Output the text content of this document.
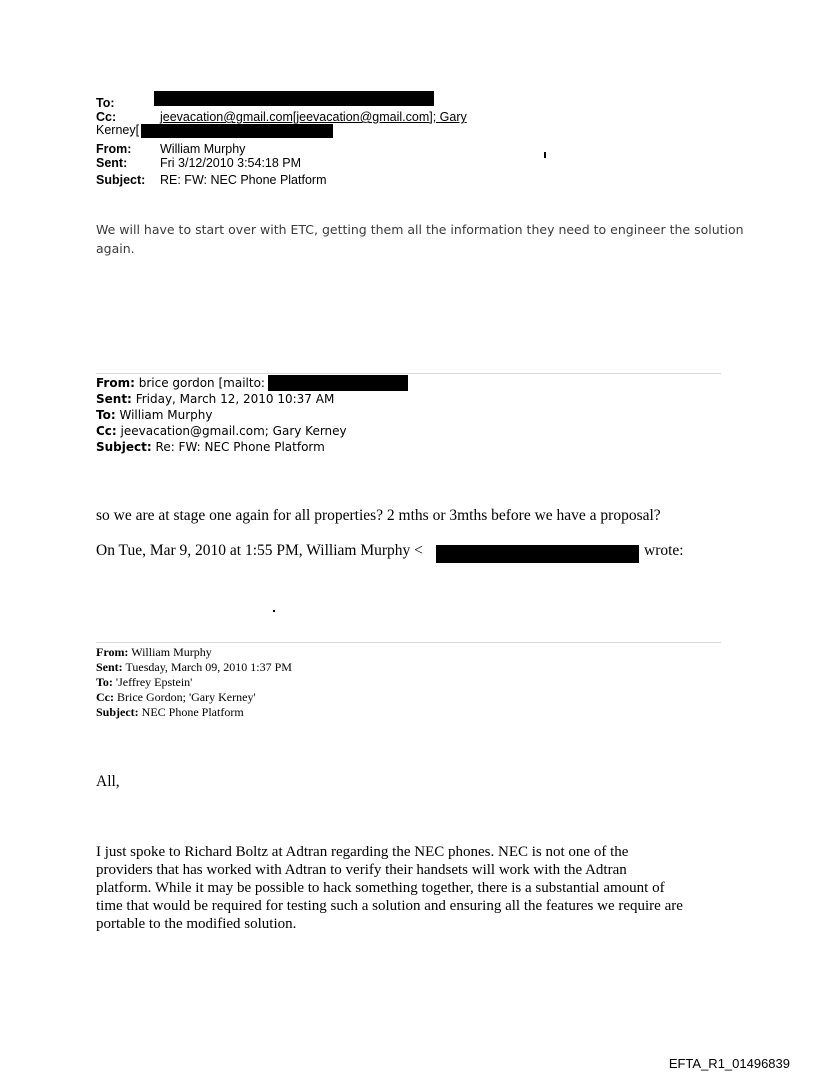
To:
Cc:	jeevacation@gmail.com[jeevacation@gmail.com]; Gary
Kerney[
From: William Murphy
Sent:	Fri 3/12/2010 3:54:18 PM
Subject: RE: FW: NEC Phone Platform
We will have to start over with ETC, getting them all the information they need to engineer the solution
again.
From: brice gordon [mailto:
Sent: Friday, March 12, 2010 10:37 AM
To: William Murphy
Cc: jeevacation@gmail.com; Gary Kerney
Subject: Re: FW: NEC Phone Platform
so we are at stage one again for all properties? 2 mths or 3mths before we have a proposal?
On Tue, Mar 9, 2010 at 1:55 PM, William Murphy <	wrote:
From: William Murphy
Sent: Tuesday, March 09, 2010 1:37 PM
To: 'Jeffrey Epstein'
Cc: Brice Gordon; 'Gary Kerney'
Subject: NEC Phone Platform
All,
I just spoke to Richard Boltz at Adtran regarding the NEC phones. NEC is not one of the
providers that has worked with Adtran to verify their handsets will work with the Adtran
platform. While it may be possible to hack something together, there is a substantial amount of
time that would be required for testing such a solution and ensuring all the features we require are
portable to the modified solution.
EFTA_R1_01496839
